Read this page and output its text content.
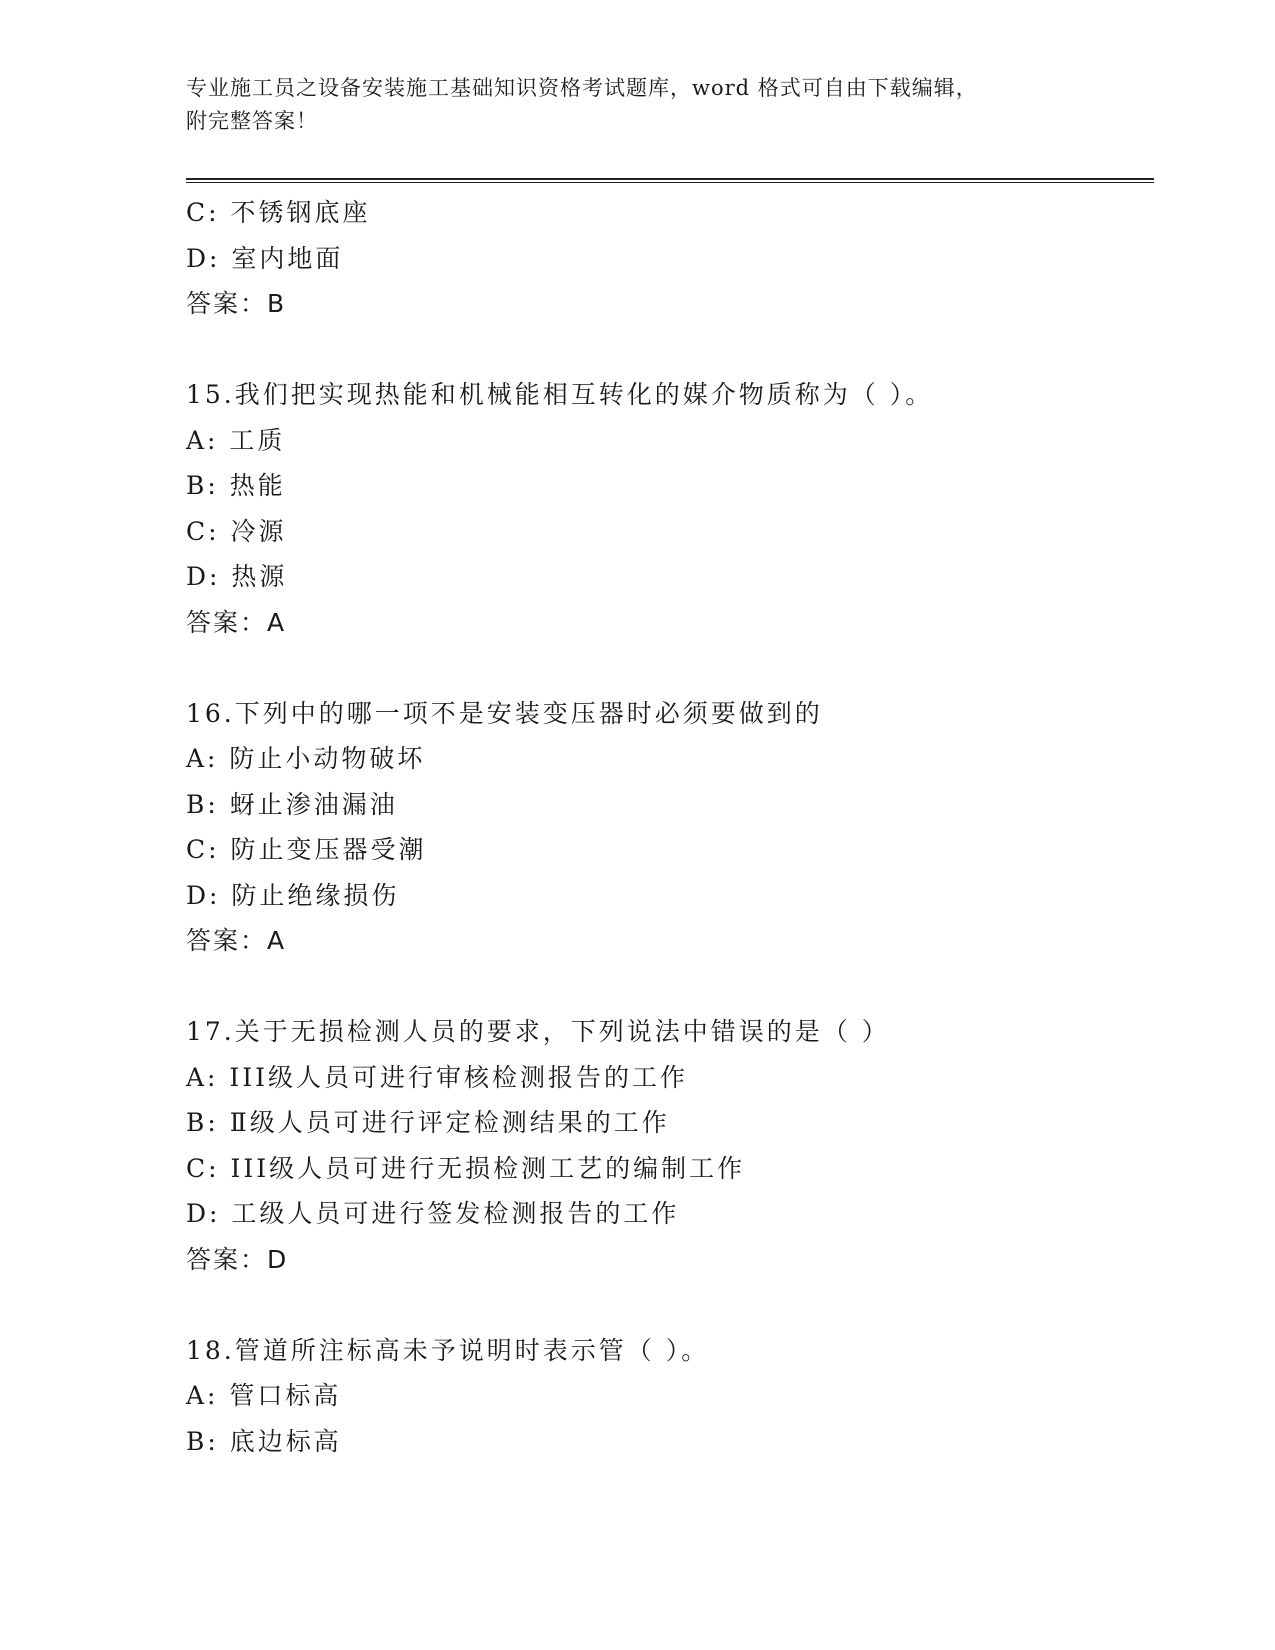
专业施工员之设备安装施工基础知识资格考试题库，word 格式可自由下载编辑，
附完整答案！
C: 不锈钢底座
D: 室内地面
答案：B
15.我们把实现热能和机械能相互转化的媒介物质称为（ ）。
A: 工质
B: 热能
C: 冷源
D: 热源
答案：A
16.下列中的哪一项不是安装变压器时必须要做到的
A: 防止小动物破坏
B: 蚜止渗油漏油
C: 防止变压器受潮
D: 防止绝缘损伤
答案：A
17.关于无损检测人员的要求，下列说法中错误的是（ ）
A: III级人员可进行审核检测报告的工作
B: Ⅱ级人员可进行评定检测结果的工作
C: III级人员可进行无损检测工艺的编制工作
D: 工级人员可进行签发检测报告的工作
答案：D
18.管道所注标高未予说明时表示管（ ）。
A: 管口标高
B: 底边标高
